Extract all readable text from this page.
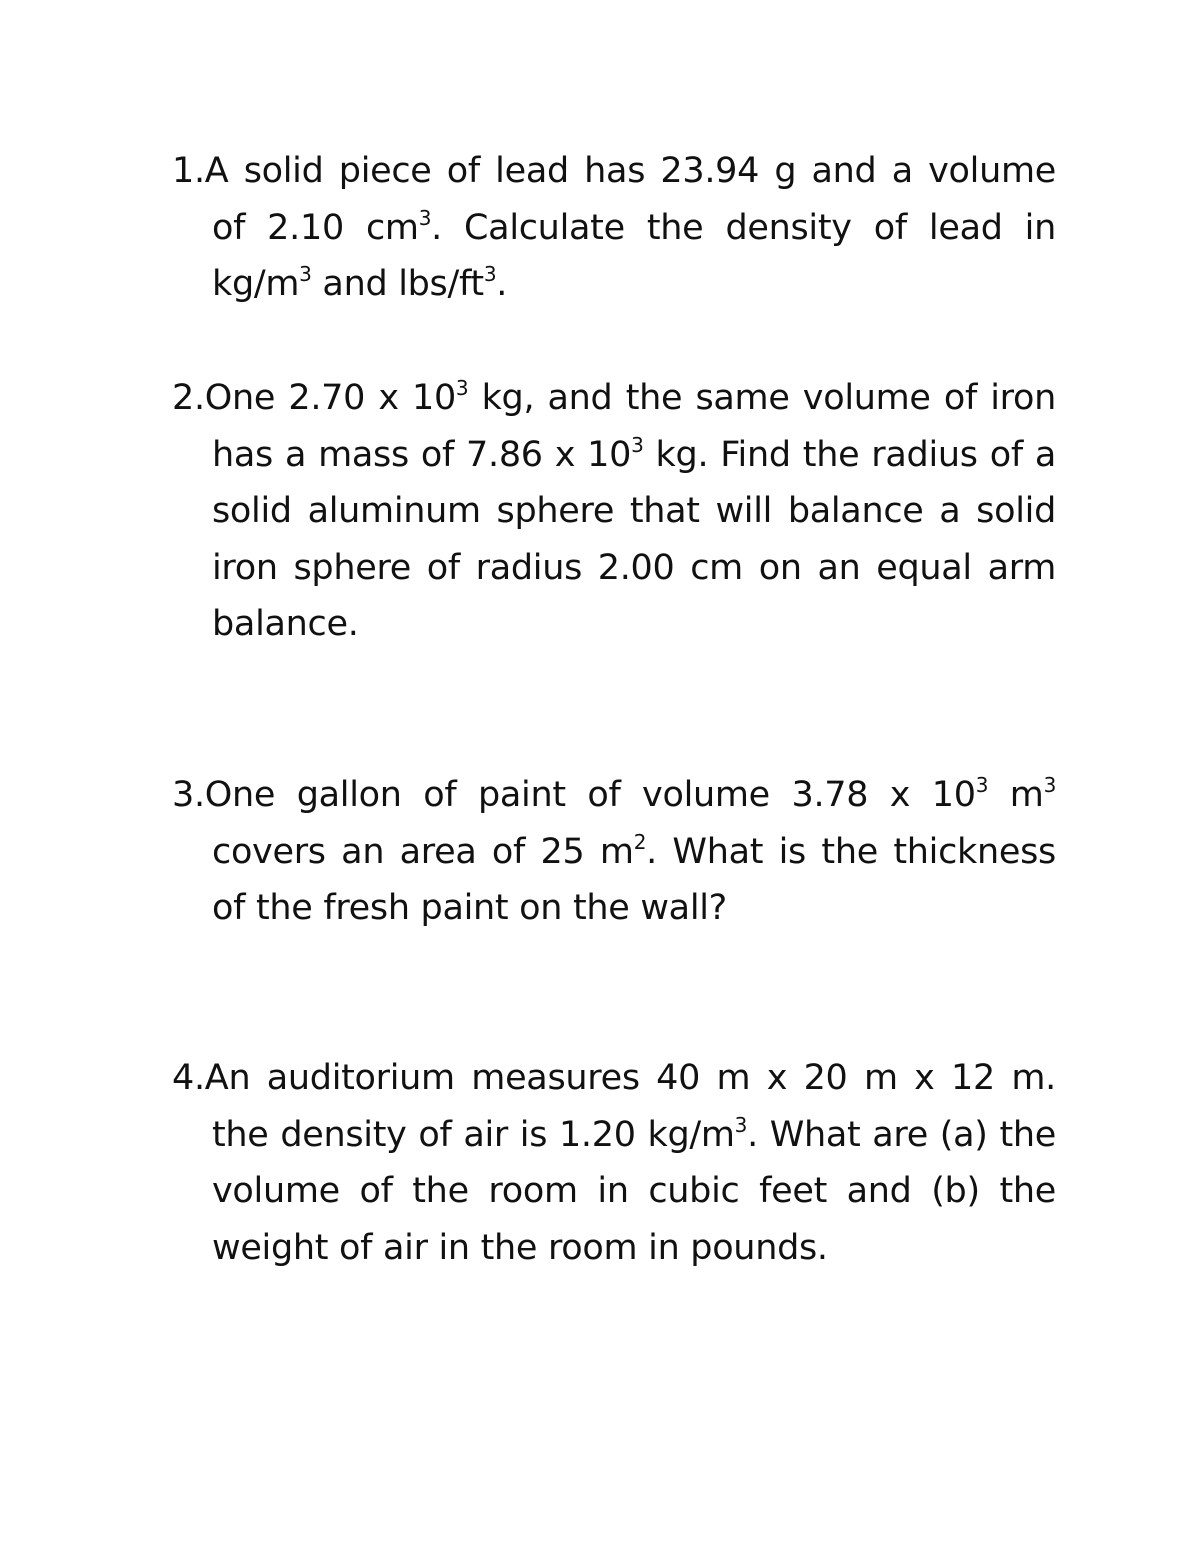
1.A solid piece of lead has 23.94 g and a volume
of 2.10 $cm^3$. Calculate the density of lead in
$kg/m^3$ and lbs/$ft^3$.
2.One 2.70 x $10^3$ kg, and the same volume of iron
has a mass of 7.86 x $10^3$ kg. Find the radius of a
solid aluminum sphere that will balance a solid
iron sphere of radius 2.00 cm on an equal arm
balance.
3.One gallon of paint of volume 3.78 x $10^3$ $m^3$
covers an area of 25 $m^2$. What is the thickness
of the fresh paint on the wall?
4.An auditorium measures 40 m x 20 m x 12 m.
the density of air is 1.20 $kg/m^3$. What are (a) the
volume of the room in cubic feet and (b) the
weight of air in the room in pounds.
